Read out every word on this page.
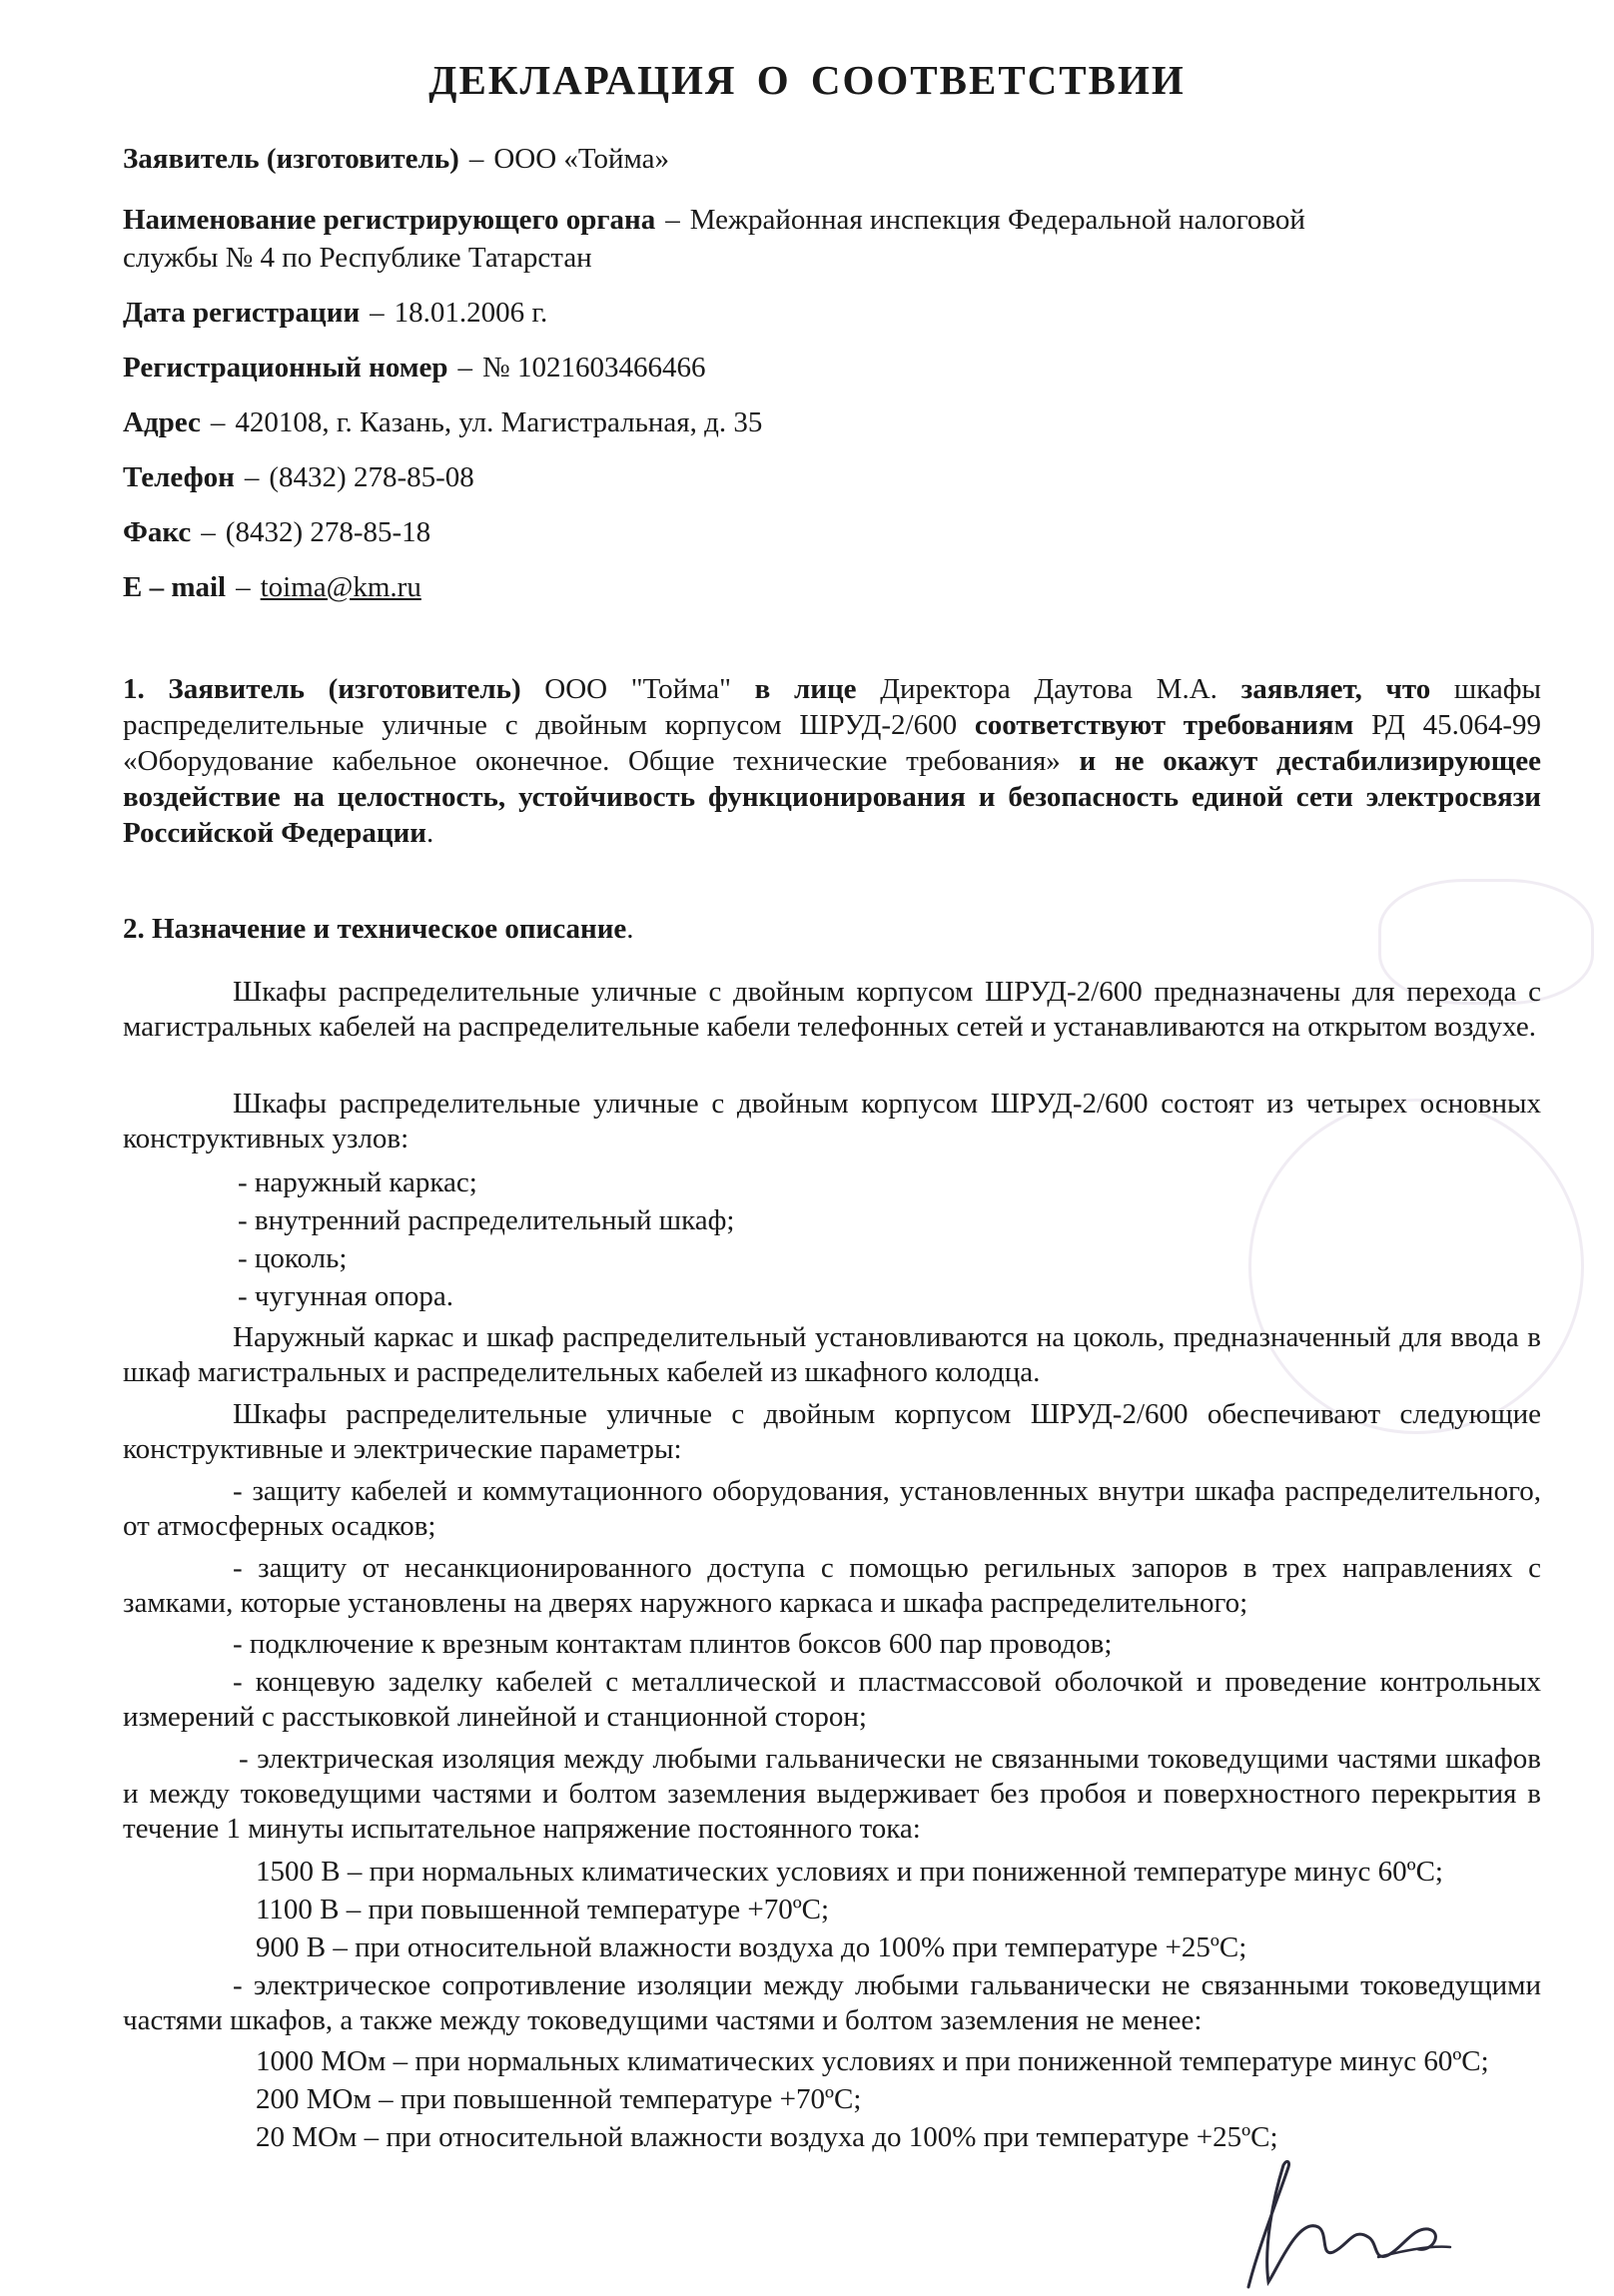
ДЕКЛАРАЦИЯ О СООТВЕТСТВИИ
Заявитель (изготовитель) – ООО «Тойма»
Наименование регистрирующего органа – Межрайонная инспекция Федеральной налоговой
службы № 4 по Республике Татарстан
Дата регистрации – 18.01.2006 г.
Регистрационный номер – № 1021603466466
Адрес – 420108, г. Казань, ул. Магистральная, д. 35
Телефон – (8432) 278-85-08
Факс – (8432) 278-85-18
E – mail – toima@km.ru
1. Заявитель (изготовитель) ООО "Тойма" в лице Директора Даутова М.А. заявляет, что шкафы распределительные уличные с двойным корпусом ШРУД-2/600 соответствуют требованиям РД 45.064-99 «Оборудование кабельное оконечное. Общие технические требования» и не окажут дестабилизирующее воздействие на целостность, устойчивость функционирования и безопасность единой сети электросвязи Российской Федерации.
2. Назначение и техническое описание.
Шкафы распределительные уличные с двойным корпусом ШРУД-2/600 предназначены для перехода с магистральных кабелей на распределительные кабели телефонных сетей и устанавливаются на открытом воздухе.
Шкафы распределительные уличные с двойным корпусом ШРУД-2/600 состоят из четырех основных конструктивных узлов:
- наружный каркас;
- внутренний распределительный шкаф;
- цоколь;
- чугунная опора.
Наружный каркас и шкаф распределительный установливаются на цоколь, предназначенный для ввода в шкаф магистральных и распределительных кабелей из шкафного колодца.
Шкафы распределительные уличные с двойным корпусом ШРУД-2/600 обеспечивают следующие конструктивные и электрические параметры:
- защиту кабелей и коммутационного оборудования, установленных внутри шкафа распределительного, от атмосферных осадков;
- защиту от несанкционированного доступа с помощью регильных запоров в трех направлениях с замками, которые установлены на дверях наружного каркаса и шкафа распределительного;
- подключение к врезным контактам плинтов боксов 600 пар проводов;
- концевую заделку кабелей с металлической и пластмассовой оболочкой и проведение контрольных измерений с расстыковкой линейной и станционной сторон;
- электрическая изоляция между любыми гальванически не связанными токоведущими частями шкафов и между токоведущими частями и болтом заземления выдерживает без пробоя и поверхностного перекрытия в течение 1 минуты испытательное напряжение постоянного тока:
1500 В – при нормальных климатических условиях и при пониженной температуре минус 60ºС;
1100 В – при повышенной температуре +70ºС;
900 В – при относительной влажности воздуха до 100% при температуре +25ºС;
- электрическое сопротивление изоляции между любыми гальванически не связанными токоведущими частями шкафов, а также между токоведущими частями и болтом заземления не менее:
1000 МОм – при нормальных климатических условиях и при пониженной температуре минус 60ºС;
200 МОм – при повышенной температуре +70ºС;
20 МОм – при относительной влажности воздуха до 100% при температуре +25ºС;
